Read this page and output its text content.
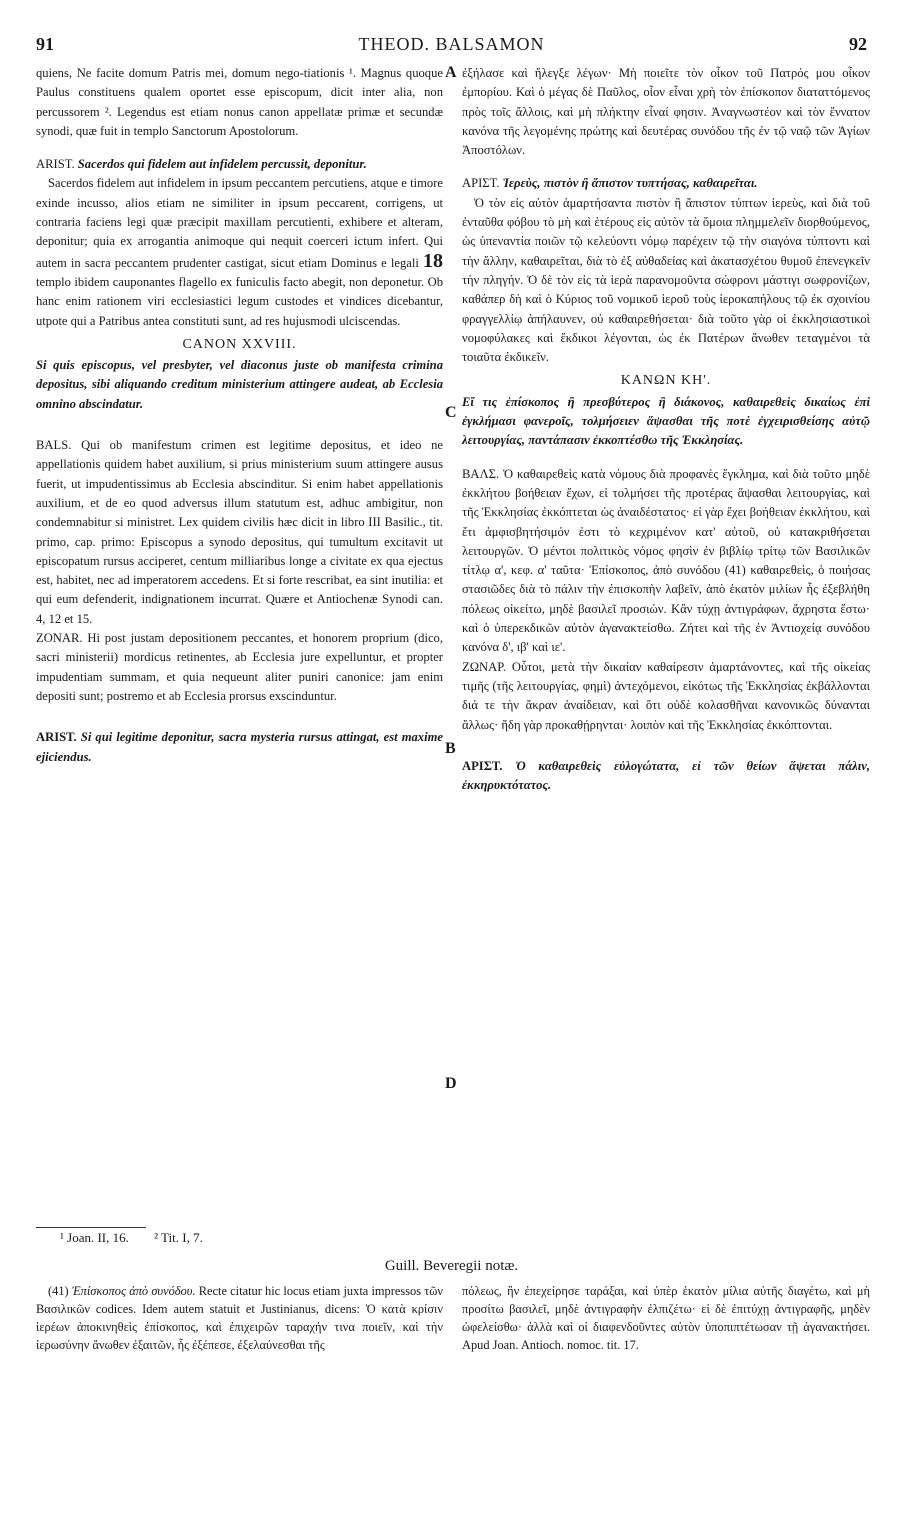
91	THEOD. BALSAMON	92
A
C
B
D

quiens, Ne facite domum Patris mei, domum nego-tiationis ¹. Magnus quoque Paulus constituens qualem oportet esse episcopum, dicit inter alia, non percussorem ². Legendus est etiam nonus canon appellatæ primæ et secundæ synodi, quæ fuit in templo Sanctorum Apostolorum.

ARIST. Sacerdos qui fidelem aut infidelem percussit, deponitur.

Sacerdos fidelem aut infidelem in ipsum peccantem percutiens, atque e timore exinde incusso, alios etiam ne similiter in ipsum peccarent, corrigens, ut contraria faciens legi quæ præcipit maxillam percutienti, exhibere et alteram, deponitur; quia ex arrogantia animoque qui nequit coerceri ictum infert. Qui autem in sacra peccantem prudenter castigat, sicut etiam Dominus e legali 18 templo ibidem cauponantes flagello ex funiculis facto abegit, non deponetur. Ob hanc enim rationem viri ecclesiastici legum custodes et vindices dicebantur, utpote qui a Patribus antea constituti sunt, ad res hujusmodi ulciscendas.

CANON XXVIII.

Si quis episcopus, vel presbyter, vel diaconus juste ob manifesta crimina depositus, sibi aliquando creditum ministerium attingere audeat, ab Ecclesia omnino abscindatur.

BALS. Qui ob manifestum crimen est legitime depositus, et ideo ne appellationis quidem habet auxilium, si prius ministerium suum attingere ausus fuerit, ut impudentissimus ab Ecclesia abscinditur. Si enim habet appellationis auxilium, et de eo quod adversus illum statutum est, adhuc ambigitur, non condemnabitur si ministret. Lex quidem civilis hæc dicit in libro III Basilic., tit. primo, cap. primo: Episcopus a synodo depositus, qui tumultum excitavit ut episcopatum rursus acciperet, centum milliaribus longe a civitate ex qua ejectus est, habitet, nec ad imperatorem accedens. Et si forte rescribat, ea sint inutilia: et qui eum defenderit, indignationem incurrat. Quære et Antiochenæ Synodi can. 4, 12 et 15.

ZONAR. Hi post justam depositionem peccantes, et honorem proprium (dico, sacri ministerii) mordicus retinentes, ab Ecclesia jure expelluntur, et propter impudentiam summam, et quia nequeunt aliter puniri canonice: jam enim depositi sunt; postremo et ab Ecclesia prorsus exscinduntur.

ARIST. Si qui legitime deponitur, sacra mysteria rursus attingat, est maxime ejiciendus.

ἐξήλασε καὶ ἤλεγξε λέγων· Μὴ ποιεῖτε τὸν οἶκον τοῦ Πατρός μου οἶκον ἐμπορίου. Καὶ ὁ μέγας δὲ Παῦλος, οἷον εἶναι χρὴ τὸν ἐπίσκοπον διαταττόμενος πρὸς τοῖς ἄλλοις, καὶ μὴ πλήκτην εἶναί φησιν. Ἀναγνωστέον καὶ τὸν ἔννατον κανόνα τῆς λεγομένης πρώτης καὶ δευτέρας συνόδου τῆς ἐν τῷ ναῷ τῶν Ἁγίων Ἀποστόλων.

ΑΡΙΣΤ. Ἱερεὺς, πιστὸν ἢ ἄπιστον τυπτήσας, καθαιρεῖται.

Ὁ τὸν εἰς αὐτὸν ἁμαρτήσαντα πιστὸν ἢ ἄπιστον τύπτων ἱερεὺς, καὶ διὰ τοῦ ἐνταῦθα φόβου τὸ μὴ καὶ ἑτέρους εἰς αὐτὸν τὰ ὅμοια πλημμελεῖν διορθούμενος, ὡς ὑπεναντία ποιῶν τῷ κελεύοντι νόμῳ παρέχειν τῷ τὴν σιαγόνα τύπτοντι καὶ τὴν ἄλλην, καθαιρεῖται, διὰ τὸ ἐξ αὐθαδείας καὶ ἀκατασχέτου θυμοῦ ἐπενεγκεῖν τὴν πληγήν. Ὁ δὲ τὸν εἰς τὰ ἱερὰ παρανομοῦντα σώφρονι μάστιγι σωφρονίζων, καθάπερ δὴ καὶ ὁ Κύριος τοῦ νομικοῦ ἱεροῦ τοὺς ἱεροκαπήλους τῷ ἐκ σχοινίου φραγγελλίῳ ἀπήλαυνεν, οὐ καθαιρεθήσεται· διὰ τοῦτο γὰρ οἱ ἐκκλησιαστικοὶ νομοφύλακες καὶ ἔκδικοι λέγονται, ὡς ἐκ Πατέρων ἄνωθεν τεταγμένοι τὰ τοιαῦτα ἐκδικεῖν.

ΚΑΝΩΝ ΚΗ'.

Εἴ τις ἐπίσκοπος ἢ πρεσβύτερος ἢ διάκονος, καθαιρεθεὶς δικαίως ἐπὶ ἐγκλήμασι φανεροῖς, τολμήσειεν ἅψασθαι τῆς ποτὲ ἐγχειρισθείσης αὐτῷ λειτουργίας, παντάπασιν ἐκκοπτέσθω τῆς Ἐκκλησίας.

ΒΑΛΣ. Ὁ καθαιρεθεὶς κατὰ νόμους διὰ προφανὲς ἔγκλημα, καὶ διὰ τοῦτο μηδὲ ἐκκλήτου βοήθειαν ἔχων, εἰ τολμήσει τῆς προτέρας ἅψασθαι λειτουργίας, καὶ τῆς Ἐκκλησίας ἐκκόπτεται ὡς ἀναιδέστατος· εἰ γὰρ ἔχει βοήθειαν ἐκκλήτου, καὶ ἔτι ἀμφισβητήσιμόν ἐστι τὸ κεχριμένον κατ' αὐτοῦ, οὐ κατακριθήσεται λειτουργῶν. Ὁ μέντοι πολιτικὸς νόμος φησὶν ἐν βιβλίῳ τρίτῳ τῶν Βασιλικῶν τίτλῳ α', κεφ. α' ταῦτα· Ἐπίσκοπος, ἀπὸ συνόδου (41) καθαιρεθεὶς, ὁ ποιήσας στασιῶδες διὰ τὸ πάλιν τὴν ἐπισκοπὴν λαβεῖν, ἀπὸ ἑκατὸν μιλίων ἧς ἐξεβλήθη πόλεως οἰκείτω, μηδὲ βασιλεῖ προσιών. Κἂν τύχῃ ἀντιγράφων, ἄχρηστα ἔστω· καὶ ὁ ὑπερεκδικῶν αὐτὸν ἀγανακτείσθω. Ζήτει καὶ τῆς ἐν Ἀντιοχείᾳ συνόδου κανόνα δ', ιβ' καὶ ιε'.

ΖΩΝΑΡ. Οὗτοι, μετὰ τὴν δικαίαν καθαίρεσιν ἁμαρτάνοντες, καὶ τῆς οἰκείας τιμῆς (τῆς λειτουργίας, φημὶ) ἀντεχόμενοι, εἰκότως τῆς Ἐκκλησίας ἐκβάλλονται διά τε τὴν ἄκραν ἀναίδειαν, καὶ ὅτι οὐδὲ κολασθῆναι κανονικῶς δύνανται ἄλλως· ἤδη γὰρ προκαθῄρηνται· λοιπὸν καὶ τῆς Ἐκκλησίας ἐκκόπτονται.

ΑΡΙΣΤ. Ὁ καθαιρεθεὶς εὐλογώτατα, εἰ τῶν θείων ἅψεται πάλιν, ἐκκηρυκτότατος.

¹ Joan. II, 16. ² Tit. I, 7.
Guill. Beveregii notæ.

(41) Ἐπίσκοπος ἀπὸ συνόδου. Recte citatur hic locus etiam juxta impressos τῶν Βασιλικῶν codices. Idem autem statuit et Justinianus, dicens: Ὁ κατὰ κρίσιν ἱερέων ἀποκινηθεὶς ἐπίσκοπος, καὶ ἐπιχειρῶν ταραχήν τινα ποιεῖν, καὶ τὴν ἱερωσύνην ἄνωθεν ἐξαιτῶν, ἧς ἐξέπεσε, ἐξελαύνεσθαι τῆς

πόλεως, ἣν ἐπεχείρησε ταράξαι, καὶ ὑπὲρ ἑκατὸν μίλια αὐτῆς διαγέτω, καὶ μὴ προσίτω βασιλεῖ, μηδὲ ἀντιγραφὴν ἐλπιζέτω· εἰ δὲ ἐπιτύχῃ ἀντιγραφῆς, μηδὲν ὠφελείσθω· ἀλλὰ καὶ οἱ διαφενδοῦντες αὐτὸν ὑποπιπτέτωσαν τῇ ἀγανακτήσει. Apud Joan. Antioch. nomoc. tit. 17.
